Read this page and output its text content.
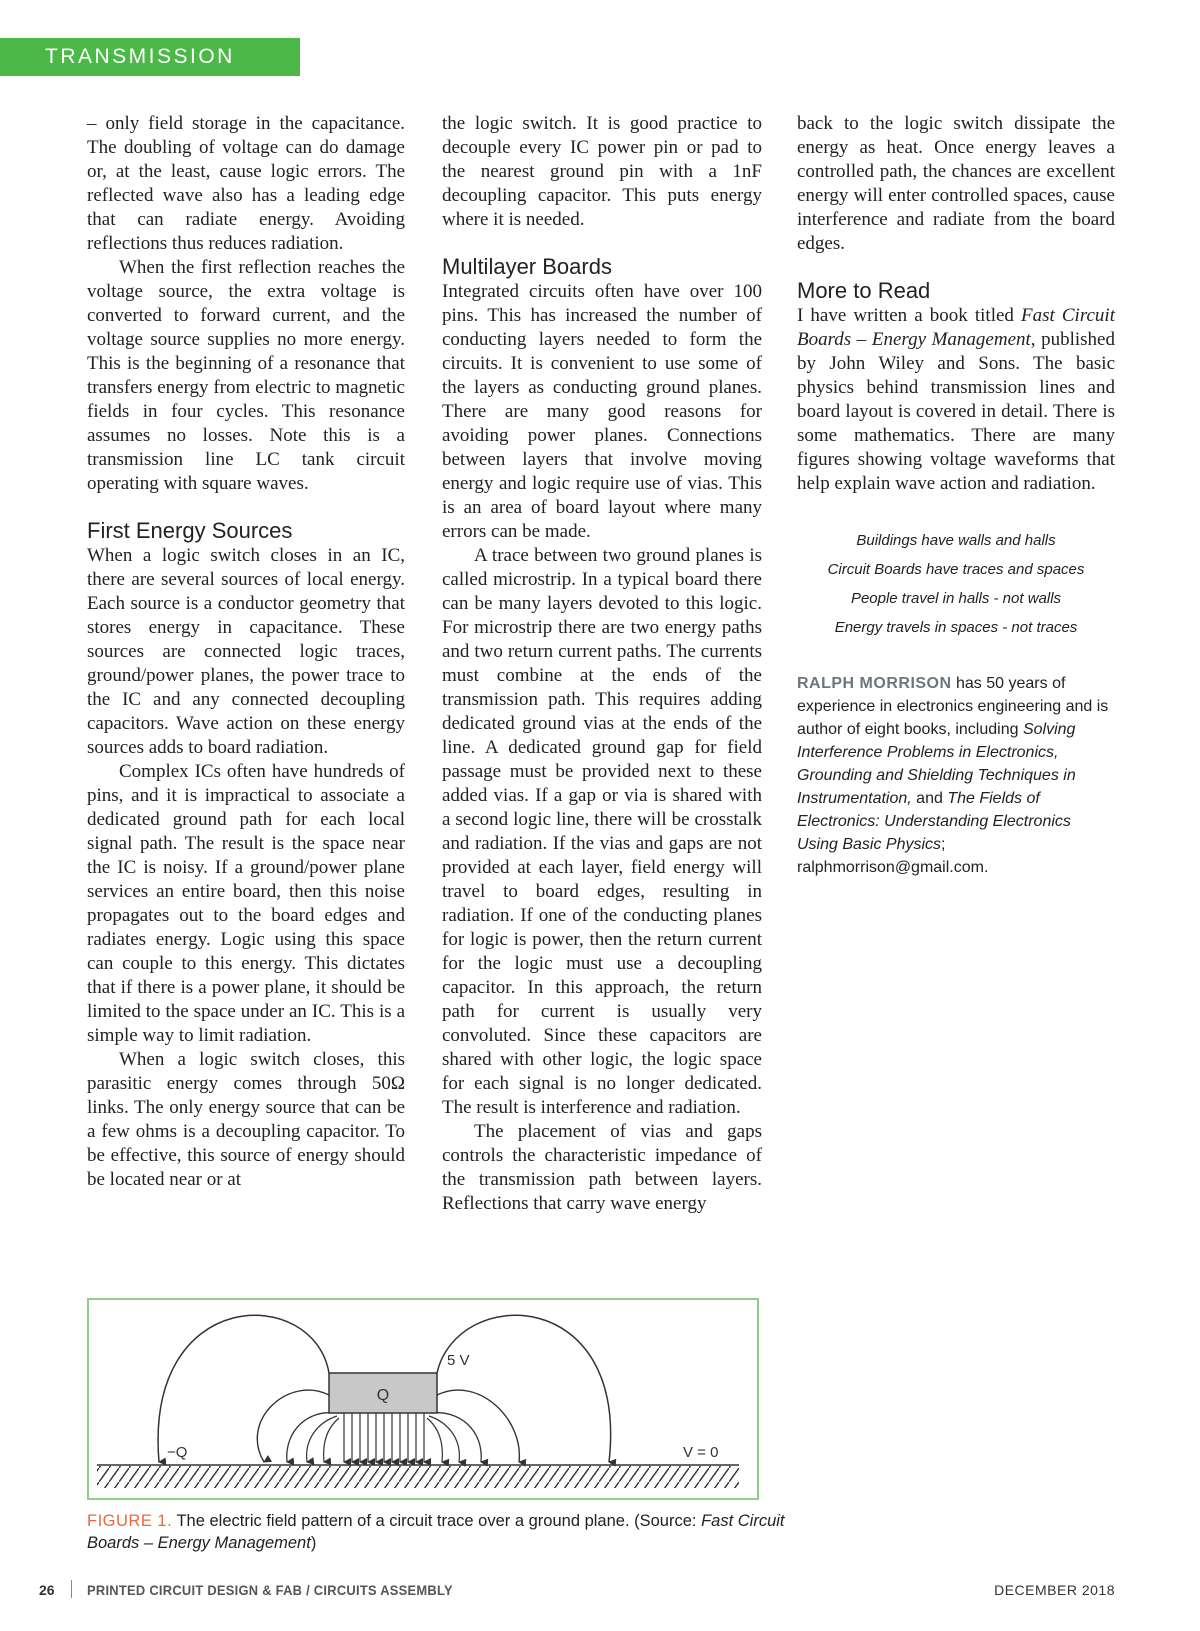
TRANSMISSION LINES

– only field storage in the capacitance. The doubling of voltage can do damage or, at the least, cause logic errors. The reflected wave also has a leading edge that can radiate energy. Avoiding reflections thus reduces radiation.

When the first reflection reaches the voltage source, the extra voltage is converted to forward current, and the voltage source supplies no more energy. This is the beginning of a resonance that transfers energy from electric to magnetic fields in four cycles. This resonance assumes no losses. Note this is a transmission line LC tank circuit operating with square waves.

First Energy Sources

When a logic switch closes in an IC, there are several sources of local energy. Each source is a conductor geometry that stores energy in capacitance. These sources are connected logic traces, ground/power planes, the power trace to the IC and any connected decoupling capacitors. Wave action on these energy sources adds to board radiation.

Complex ICs often have hundreds of pins, and it is impractical to associate a dedicated ground path for each local signal path. The result is the space near the IC is noisy. If a ground/power plane services an entire board, then this noise propagates out to the board edges and radiates energy. Logic using this space can couple to this energy. This dictates that if there is a power plane, it should be limited to the space under an IC. This is a simple way to limit radiation.

When a logic switch closes, this parasitic energy comes through 50Ω links. The only energy source that can be a few ohms is a decoupling capacitor. To be effective, this source of energy should be located near or at

the logic switch. It is good practice to decouple every IC power pin or pad to the nearest ground pin with a 1nF decoupling capacitor. This puts energy where it is needed.

Multilayer Boards

Integrated circuits often have over 100 pins. This has increased the number of conducting layers needed to form the circuits. It is convenient to use some of the layers as conducting ground planes. There are many good reasons for avoiding power planes. Connections between layers that involve moving energy and logic require use of vias. This is an area of board layout where many errors can be made.

A trace between two ground planes is called microstrip. In a typical board there can be many layers devoted to this logic. For microstrip there are two energy paths and two return current paths. The currents must combine at the ends of the transmission path. This requires adding dedicated ground vias at the ends of the line. A dedicated ground gap for field passage must be provided next to these added vias. If a gap or via is shared with a second logic line, there will be crosstalk and radiation. If the vias and gaps are not provided at each layer, field energy will travel to board edges, resulting in radiation. If one of the conducting planes for logic is power, then the return current for the logic must use a decoupling capacitor. In this approach, the return path for current is usually very convoluted. Since these capacitors are shared with other logic, the logic space for each signal is no longer dedicated. The result is interference and radiation.

The placement of vias and gaps controls the characteristic impedance of the transmission path between layers. Reflections that carry wave energy

back to the logic switch dissipate the energy as heat. Once energy leaves a controlled path, the chances are excellent energy will enter controlled spaces, cause interference and radiate from the board edges.

More to Read

I have written a book titled Fast Circuit Boards – Energy Management, published by John Wiley and Sons. The basic physics behind transmission lines and board layout is covered in detail. There is some mathematics. There are many figures showing voltage waveforms that help explain wave action and radiation.

Buildings have walls and halls
Circuit Boards have traces and spaces
People travel in halls - not walls
Energy travels in spaces - not traces
RALPH MORRISON has 50 years of experience in electronics engineering and is author of eight books, including Solving Interference Problems in Electronics, Grounding and Shielding Techniques in Instrumentation, and The Fields of Electronics: Understanding Electronics Using Basic Physics; ralphmorrison@gmail.com.
Q
5 V
−Q	V = 0
FIGURE 1. The electric field pattern of a circuit trace over a ground plane. (Source: Fast Circuit Boards – Energy Management)
26 PRINTED CIRCUIT DESIGN & FAB / CIRCUITS ASSEMBLY	DECEMBER 2018
